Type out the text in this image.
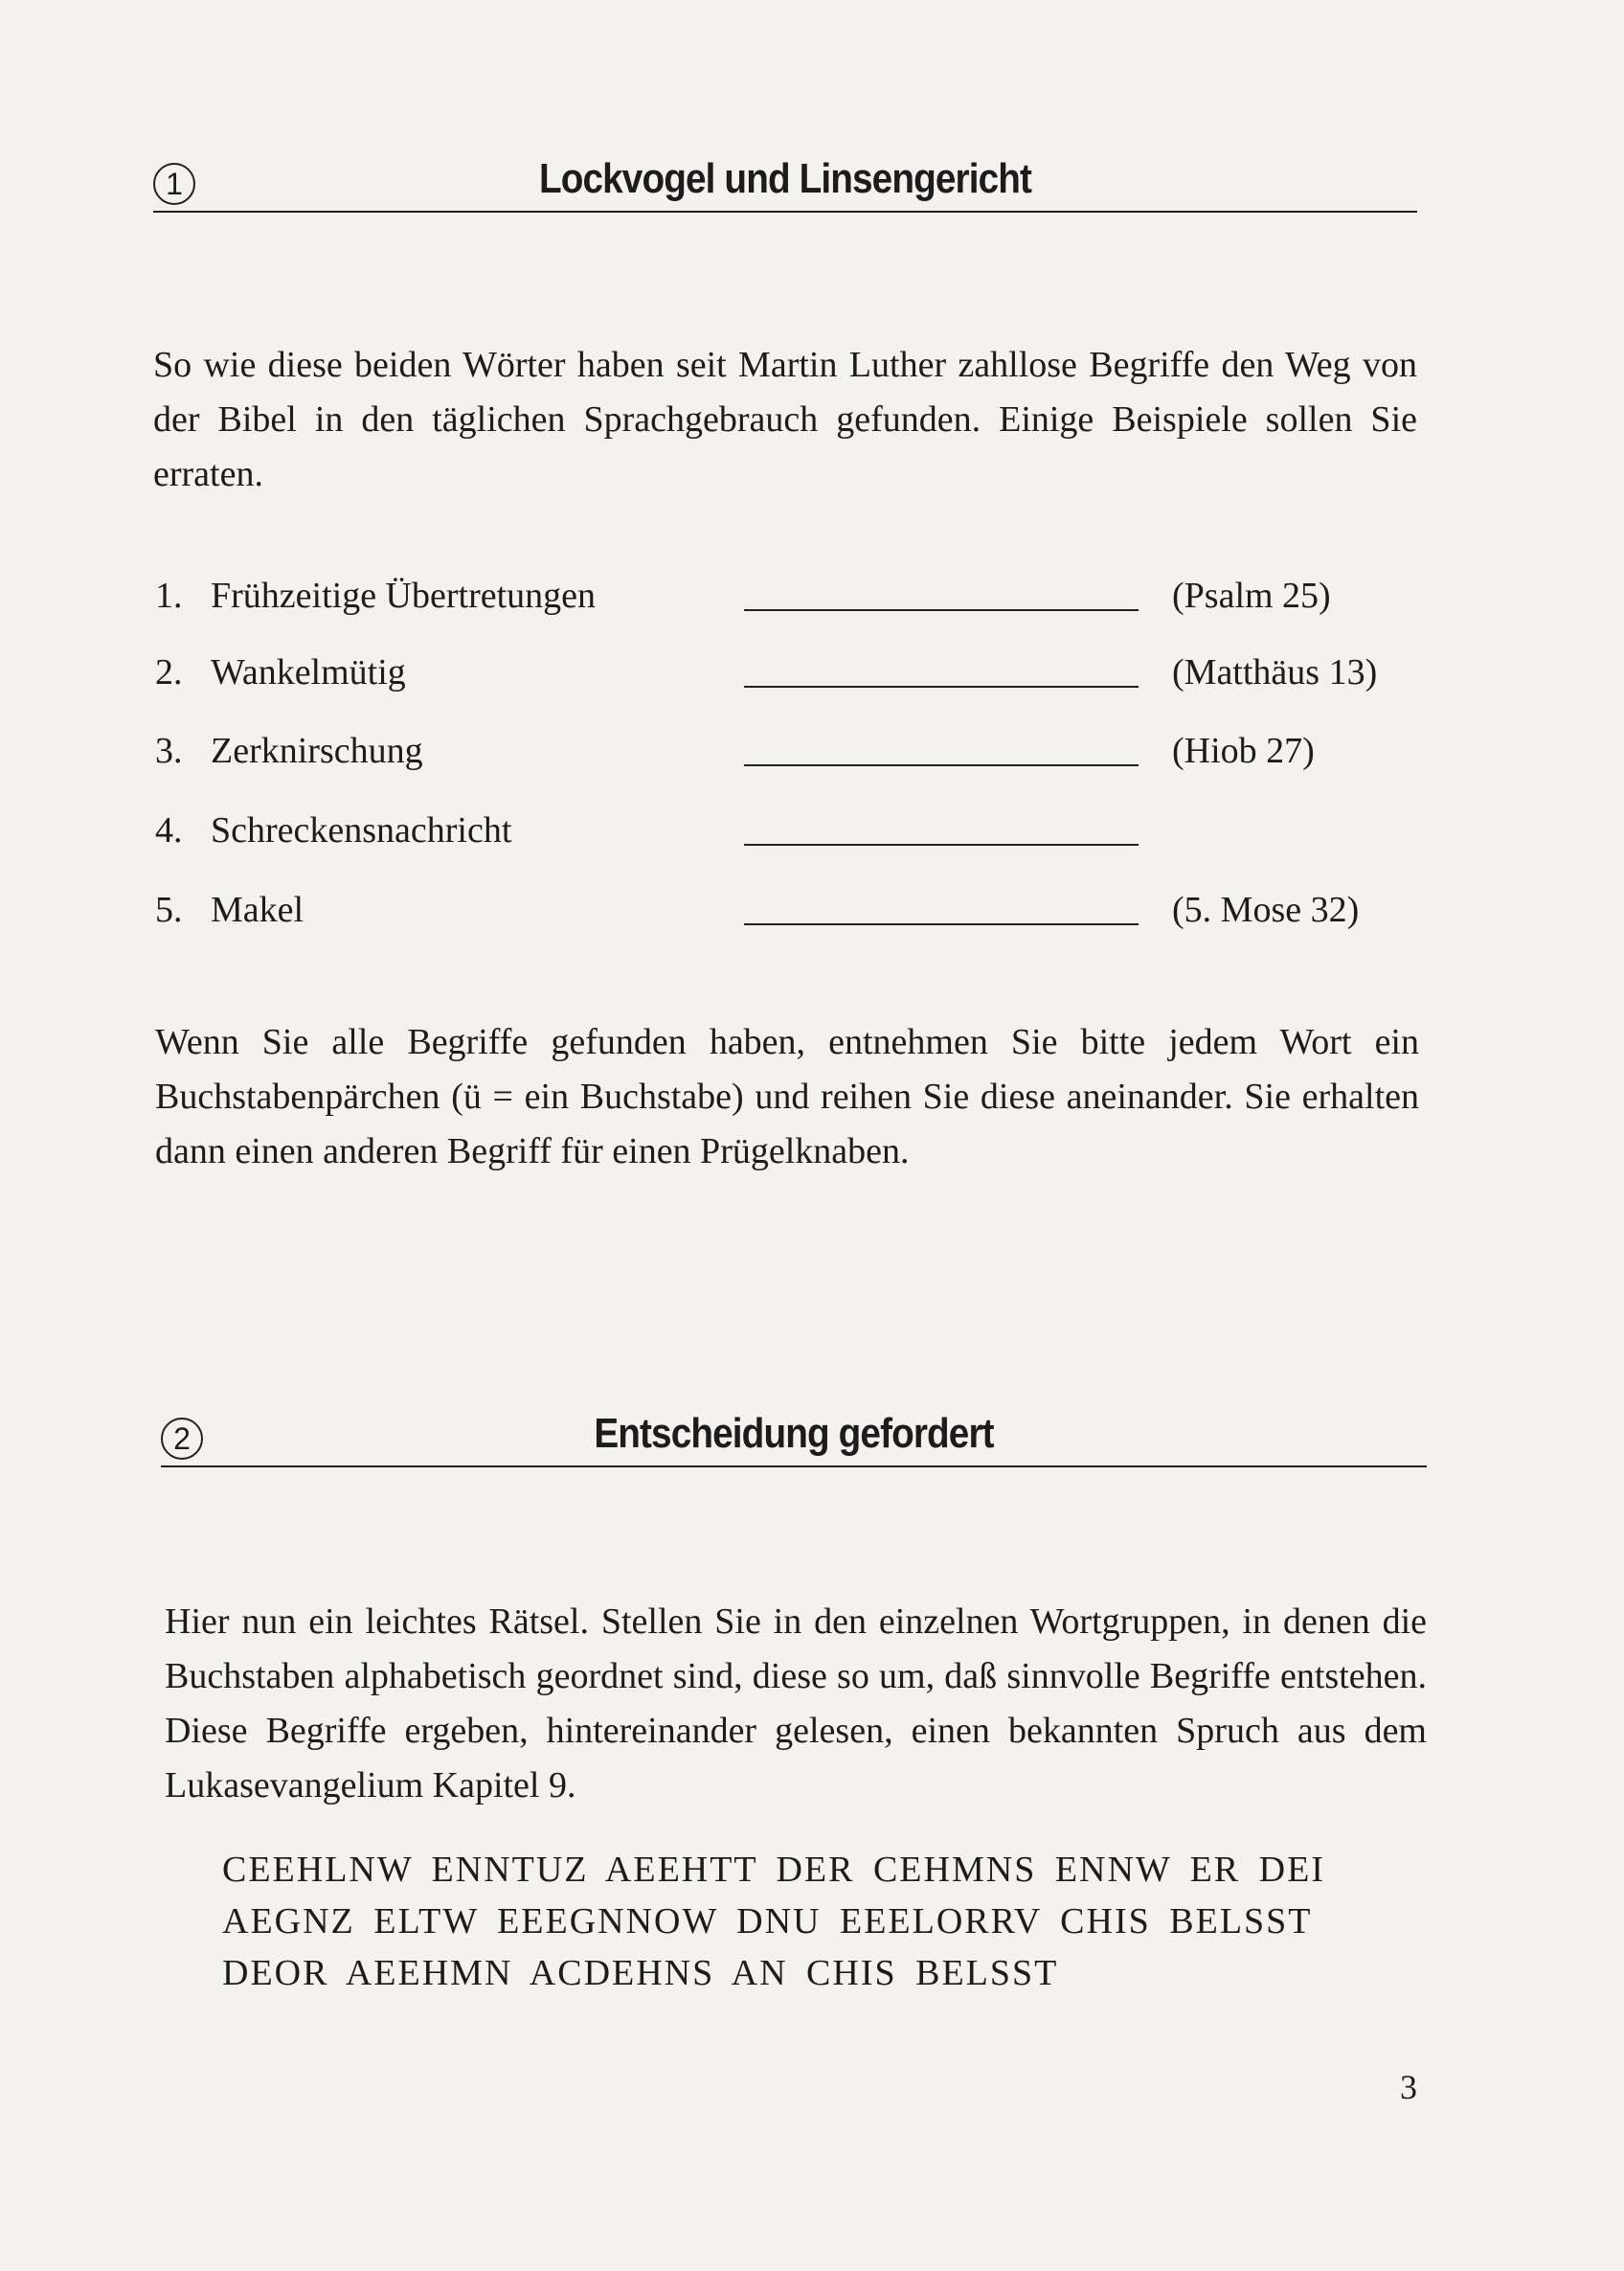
1	Lockvogel und Linsengericht
So wie diese beiden Wörter haben seit Martin Luther zahllose Begriffe den Weg von der Bibel in den täglichen Sprachgebrauch gefunden. Einige Beispiele sollen Sie erraten.
1. Frühzeitige Übertretungen	(Psalm 25)
2. Wankelmütig	(Matthäus 13)
3. Zerknirschung	(Hiob 27)
4. Schreckensnachricht
5. Makel	(5. Mose 32)
Wenn Sie alle Begriffe gefunden haben, entnehmen Sie bitte jedem Wort ein Buchstabenpärchen (ü = ein Buchstabe) und reihen Sie diese aneinander. Sie erhalten dann einen anderen Begriff für einen Prügelknaben.
2	Entscheidung gefordert
Hier nun ein leichtes Rätsel. Stellen Sie in den einzelnen Wortgruppen, in denen die Buchstaben alphabetisch geordnet sind, diese so um, daß sinnvolle Begriffe entstehen. Diese Begriffe ergeben, hintereinander gelesen, einen bekannten Spruch aus dem Lukasevangelium Kapitel 9.
CEEHLNW ENNTUZ AEEHTT DER CEHMNS ENNW ER DEI AEGNZ ELTW EEEGNNOW DNU EEELORRV CHIS BELSST DEOR AEEHMN ACDEHNS AN CHIS BELSST
3
